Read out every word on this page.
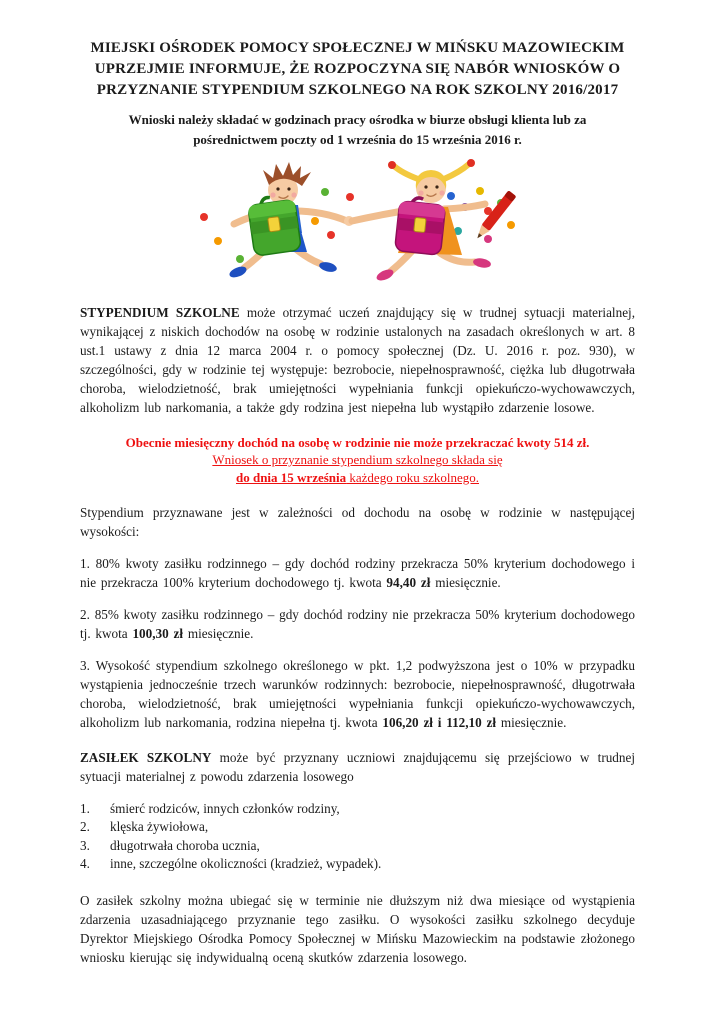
MIEJSKI OŚRODEK POMOCY SPOŁECZNEJ W MIŃSKU MAZOWIECKIM
UPRZEJMIE INFORMUJE, ŻE ROZPOCZYNA SIĘ NABÓR WNIOSKÓW O
PRZYZNANIE STYPENDIUM SZKOLNEGO NA ROK SZKOLNY 2016/2017
Wnioski należy składać w godzinach pracy ośrodka w biurze obsługi klienta lub za
pośrednictwem poczty od 1 września do 15 września 2016 r.

STYPENDIUM SZKOLNE może otrzymać uczeń znajdujący się w trudnej sytuacji materialnej, wynikającej z niskich dochodów na osobę w rodzinie ustalonych na zasadach określonych w art. 8 ust.1 ustawy z dnia 12 marca 2004 r. o pomocy społecznej (Dz. U. 2016 r. poz. 930), w szczególności, gdy w rodzinie tej występuje: bezrobocie, niepełnosprawność, ciężka lub długotrwała choroba, wielodzietność, brak umiejętności wypełniania funkcji opiekuńczo-wychowawczych, alkoholizm lub narkomania, a także gdy rodzina jest niepełna lub wystąpiło zdarzenie losowe.

Obecnie miesięczny dochód na osobę w rodzinie nie może przekraczać kwoty 514 zł.
Wniosek o przyznanie stypendium szkolnego składa się
do dnia 15 września każdego roku szkolnego.

Stypendium przyznawane jest w zależności od dochodu na osobę w rodzinie w następującej wysokości:

1. 80% kwoty zasiłku rodzinnego – gdy dochód rodziny przekracza 50% kryterium dochodowego i nie przekracza 100% kryterium dochodowego tj. kwota 94,40 zł miesięcznie.

2. 85% kwoty zasiłku rodzinnego – gdy dochód rodziny nie przekracza 50% kryterium dochodowego tj. kwota 100,30 zł miesięcznie.

3. Wysokość stypendium szkolnego określonego w pkt. 1,2 podwyższona jest o 10% w przypadku wystąpienia jednocześnie trzech warunków rodzinnych: bezrobocie, niepełnosprawność, długotrwała choroba, wielodzietność, brak umiejętności wypełniania funkcji opiekuńczo-wychowawczych, alkoholizm lub narkomania, rodzina niepełna tj. kwota 106,20 zł i 112,10 zł miesięcznie.

ZASIŁEK SZKOLNY może być przyznany uczniowi znajdującemu się przejściowo w trudnej sytuacji materialnej z powodu zdarzenia losowego

1.	śmierć rodziców, innych członków rodziny,
2.	klęska żywiołowa,
3.	długotrwała choroba ucznia,
4.	inne, szczególne okoliczności (kradzież, wypadek).

O zasiłek szkolny można ubiegać się w terminie nie dłuższym niż dwa miesiące od wystąpienia zdarzenia uzasadniającego przyznanie tego zasiłku. O wysokości zasiłku szkolnego decyduje Dyrektor Miejskiego Ośrodka Pomocy Społecznej w Mińsku Mazowieckim na podstawie złożonego wniosku kierując się indywidualną oceną skutków zdarzenia losowego.
